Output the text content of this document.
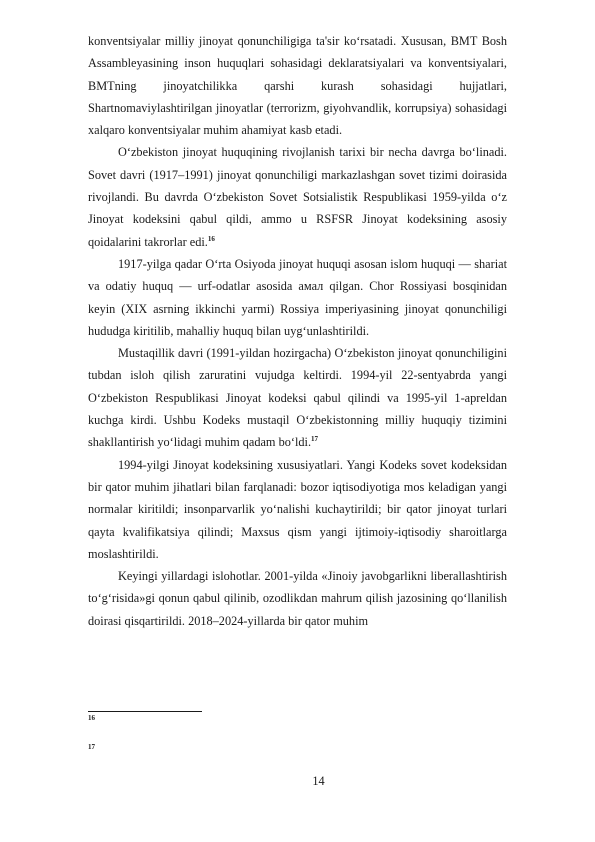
konventsiyalar milliy jinoyat qonunchiligiga ta'sir koʻrsatadi. Xususan, BMT Bosh Assambleyasining inson huquqlari sohasidagi deklaratsiyalari va konventsiyalari, BMTning jinoyatchilikka qarshi kurash sohasidagi hujjatlari, Shartnomaviylashtirilgan jinoyatlar (terrorizm, giyohvandlik, korrupsiya) sohasidagi xalqaro konventsiyalar muhim ahamiyat kasb etadi.

Oʻzbekiston jinoyat huquqining rivojlanish tarixi bir necha davrga boʻlinadi. Sovet davri (1917–1991) jinoyat qonunchiligi markazlashgan sovet tizimi doirasida rivojlandi. Bu davrda Oʻzbekiston Sovet Sotsialistik Respublikasi 1959-yilda oʻz Jinoyat kodeksini qabul qildi, ammo u RSFSR Jinoyat kodeksining asosiy qoidalarini takrorlar edi.$^{16}$

1917-yilga qadar Oʻrta Osiyoda jinoyat huquqi asosan islom huquqi — shariat va odatiy huquq — urf-odatlar asosida амал qilgan. Chor Rossiyasi bosqinidan keyin (XIX asrning ikkinchi yarmi) Rossiya imperiyasining jinoyat qonunchiligi hududga kiritilib, mahalliy huquq bilan uygʻunlashtirildi.

Mustaqillik davri (1991-yildan hozirgacha) Oʻzbekiston jinoyat qonunchiligini tubdan isloh qilish zaruratini vujudga keltirdi. 1994-yil 22-sentyabrda yangi Oʻzbekiston Respublikasi Jinoyat kodeksi qabul qilindi va 1995-yil 1-apreldan kuchga kirdi. Ushbu Kodeks mustaqil Oʻzbekistonning milliy huquqiy tizimini shakllantirish yoʻlidagi muhim qadam boʻldi.$^{17}$

1994-yilgi Jinoyat kodeksining xususiyatlari. Yangi Kodeks sovet kodeksidan bir qator muhim jihatlari bilan farqlanadi: bozor iqtisodiyotiga mos keladigan yangi normalar kiritildi; insonparvarlik yoʻnalishi kuchaytirildi; bir qator jinoyat turlari qayta kvalifikatsiya qilindi; Maxsus qism yangi ijtimoiy-iqtisodiy sharoitlarga moslashtirildi.

Keyingi yillardagi islohotlar. 2001-yilda «Jinoiy javobgarlikni liberallashtirish toʻgʻrisida»gi qonun qabul qilinib, ozodlikdan mahrum qilish jazosining qoʻllanilish doirasi qisqartirildi. 2018–2024-yillarda bir qator muhim

16
17
14
